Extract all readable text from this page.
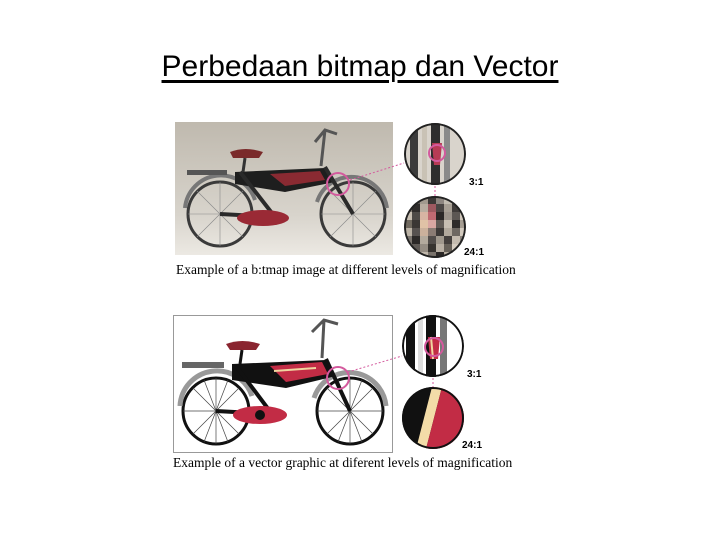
Perbedaan bitmap dan Vector
3:1
24:1
Example of a b:tmap image at different levels of magnification
3:1
24:1
Example of a vector graphic at diferent levels of magnification
